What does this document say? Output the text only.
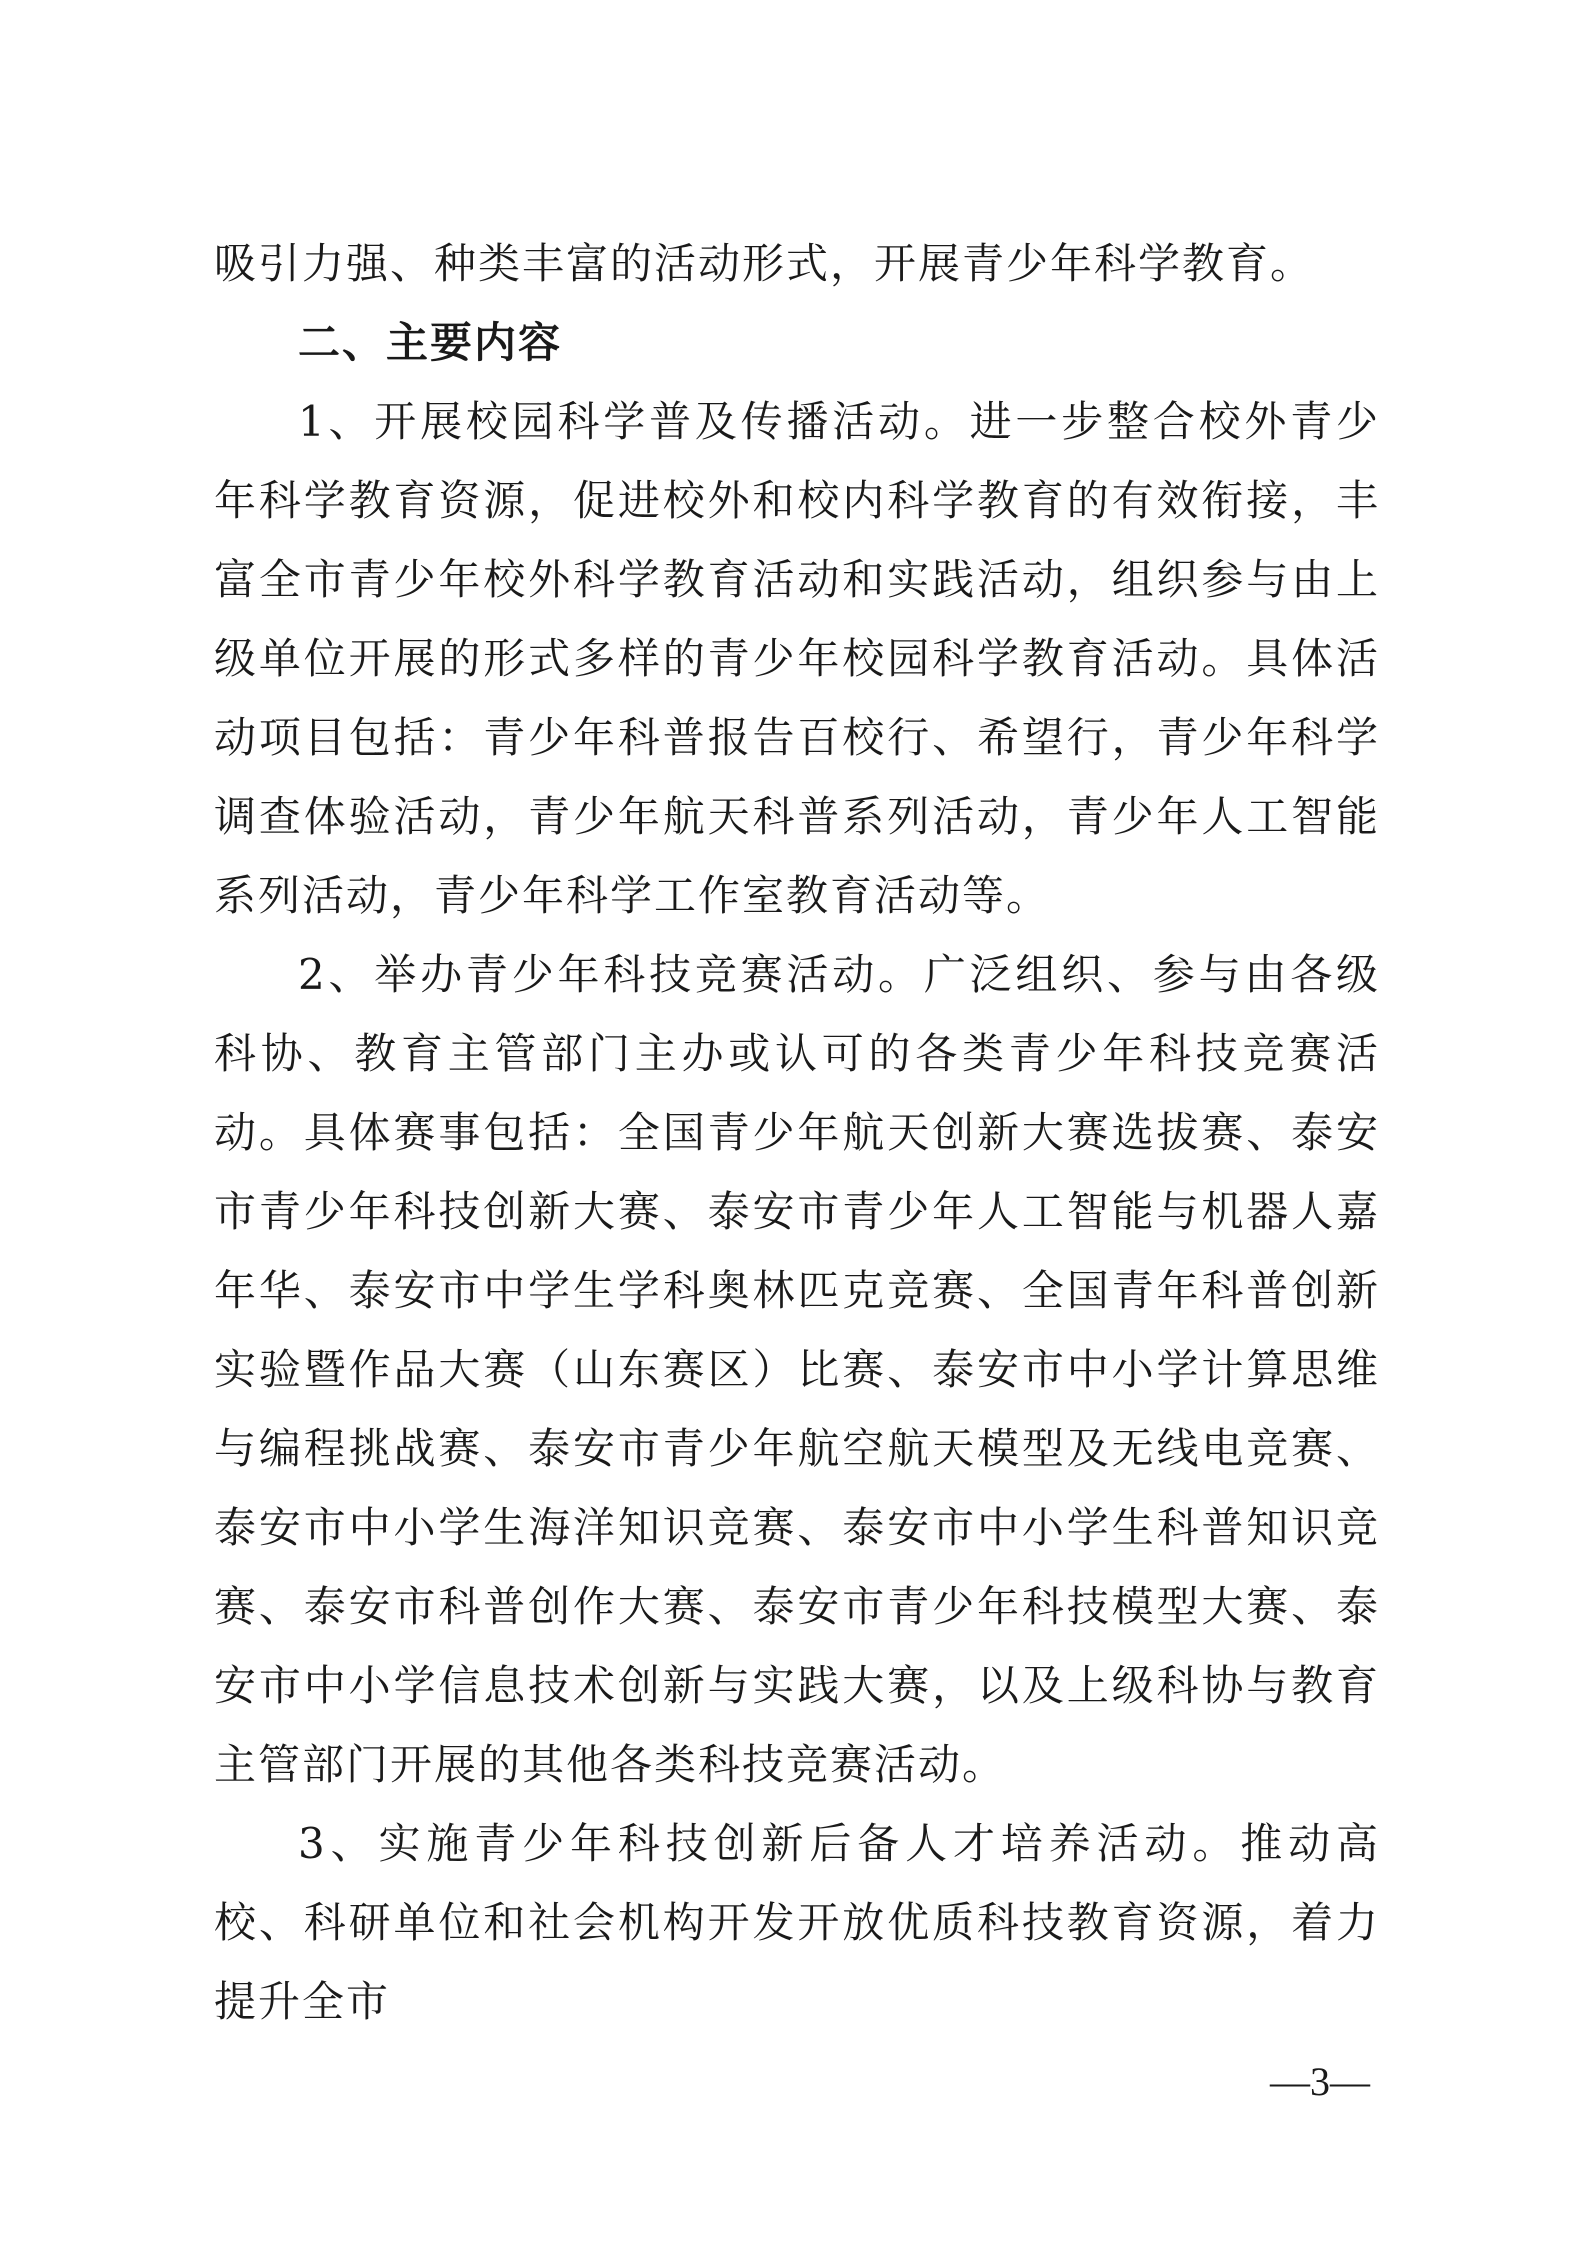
吸引力强、种类丰富的活动形式，开展青少年科学教育。

二、主要内容

1、开展校园科学普及传播活动。进一步整合校外青少年科学教育资源，促进校外和校内科学教育的有效衔接，丰富全市青少年校外科学教育活动和实践活动，组织参与由上级单位开展的形式多样的青少年校园科学教育活动。具体活动项目包括：青少年科普报告百校行、希望行，青少年科学调查体验活动，青少年航天科普系列活动，青少年人工智能系列活动，青少年科学工作室教育活动等。

2、举办青少年科技竞赛活动。广泛组织、参与由各级科协、教育主管部门主办或认可的各类青少年科技竞赛活动。具体赛事包括：全国青少年航天创新大赛选拔赛、泰安市青少年科技创新大赛、泰安市青少年人工智能与机器人嘉年华、泰安市中学生学科奥林匹克竞赛、全国青年科普创新实验暨作品大赛（山东赛区）比赛、泰安市中小学计算思维与编程挑战赛、泰安市青少年航空航天模型及无线电竞赛、泰安市中小学生海洋知识竞赛、泰安市中小学生科普知识竞赛、泰安市科普创作大赛、泰安市青少年科技模型大赛、泰安市中小学信息技术创新与实践大赛，以及上级科协与教育主管部门开展的其他各类科技竞赛活动。

3、实施青少年科技创新后备人才培养活动。推动高校、科研单位和社会机构开发开放优质科技教育资源，着力提升全市

—3—
